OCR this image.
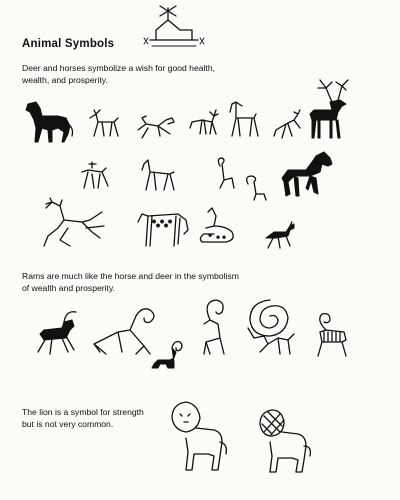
Animal Symbols
Deer and horses symbolize a wish for good health,
wealth, and prosperity.
Rams are much like the horse and deer in the symbolism
of wealth and prosperity.
The lion is a symbol for strength
but is not very common.
